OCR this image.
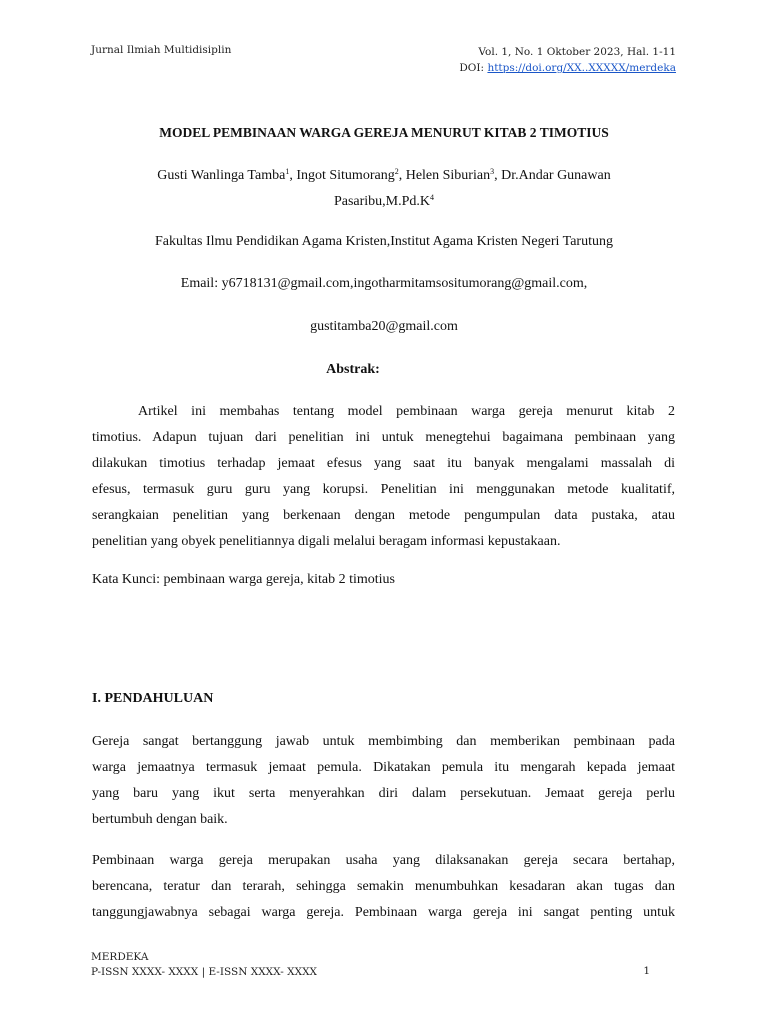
Jurnal Ilmiah Multidisiplin	Vol. 1, No. 1 Oktober 2023, Hal. 1-11
DOI: https://doi.org/XX..XXXXX/merdeka
MODEL PEMBINAAN WARGA GEREJA MENURUT KITAB 2 TIMOTIUS
Gusti Wanlinga Tamba$^1$, Ingot Situmorang$^2$, Helen Siburian$^3$, Dr.Andar Gunawan $Pasaribu,M.Pd.K^4$
Fakultas Ilmu Pendidikan Agama Kristen,Institut Agama Kristen Negeri Tarutung
Email: y6718131@gmail.com,ingotharmitamsositumorang@gmail.com,
gustitamba20@gmail.com
Abstrak:
Artikel ini membahas tentang model pembinaan warga gereja menurut kitab 2
timotius. Adapun tujuan dari penelitian ini untuk menegtehui bagaimana pembinaan yang
dilakukan timotius terhadap jemaat efesus yang saat itu banyak mengalami massalah di
efesus, termasuk guru guru yang korupsi. Penelitian ini menggunakan metode kualitatif,
serangkaian penelitian yang berkenaan dengan metode pengumpulan data pustaka, atau
penelitian yang obyek penelitiannya digali melalui beragam informasi kepustakaan.
Kata Kunci: pembinaan warga gereja, kitab 2 timotius
I. PENDAHULUAN
Gereja sangat bertanggung jawab untuk membimbing dan memberikan pembinaan pada
warga jemaatnya termasuk jemaat pemula. Dikatakan pemula itu mengarah kepada jemaat
yang baru yang ikut serta menyerahkan diri dalam persekutuan. Jemaat gereja perlu
bertumbuh dengan baik.
Pembinaan warga gereja merupakan usaha yang dilaksanakan gereja secara bertahap,
berencana, teratur dan terarah, sehingga semakin menumbuhkan kesadaran akan tugas dan
tanggungjawabnya sebagai warga gereja. Pembinaan warga gereja ini sangat penting untuk
MERDEKA
P-ISSN XXXX- XXXX | E-ISSN XXXX- XXXX	1
